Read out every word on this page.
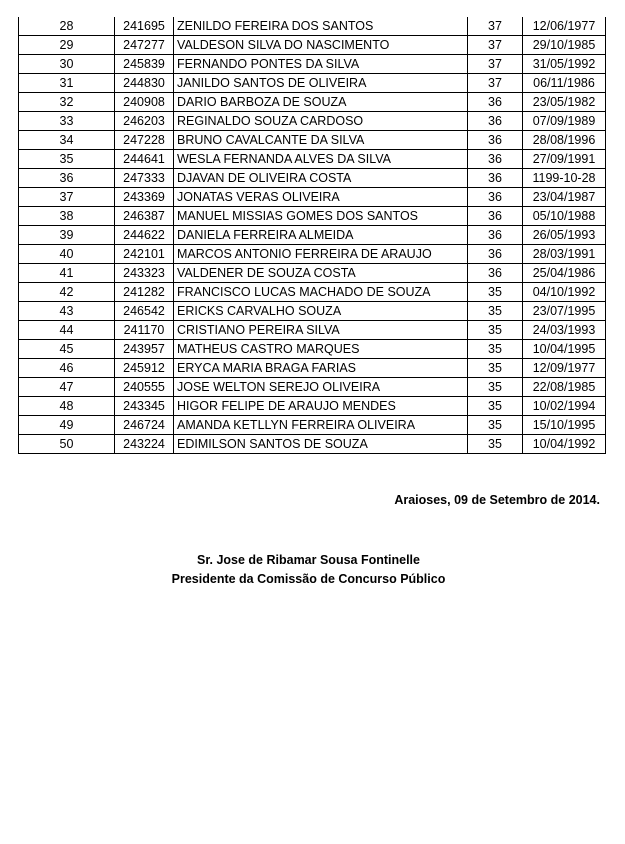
28	241695	ZENILDO FEREIRA DOS SANTOS	37	12/06/1977
29	247277	VALDESON SILVA DO NASCIMENTO	37	29/10/1985
30	245839	FERNANDO PONTES DA SILVA	37	31/05/1992
31	244830	JANILDO SANTOS DE OLIVEIRA	37	06/11/1986
32	240908	DARIO BARBOZA DE SOUZA	36	23/05/1982
33	246203	REGINALDO SOUZA CARDOSO	36	07/09/1989
34	247228	BRUNO CAVALCANTE DA SILVA	36	28/08/1996
35	244641	WESLA FERNANDA ALVES DA SILVA	36	27/09/1991
36	247333	DJAVAN DE OLIVEIRA COSTA	36	1199-10-28
37	243369	JONATAS VERAS OLIVEIRA	36	23/04/1987
38	246387	MANUEL MISSIAS GOMES DOS SANTOS	36	05/10/1988
39	244622	DANIELA FERREIRA ALMEIDA	36	26/05/1993
40	242101	MARCOS ANTONIO FERREIRA DE ARAUJO	36	28/03/1991
41	243323	VALDENER DE SOUZA COSTA	36	25/04/1986
42	241282	FRANCISCO LUCAS MACHADO DE SOUZA	35	04/10/1992
43	246542	ERICKS CARVALHO SOUZA	35	23/07/1995
44	241170	CRISTIANO PEREIRA SILVA	35	24/03/1993
45	243957	MATHEUS CASTRO MARQUES	35	10/04/1995
46	245912	ERYCA MARIA BRAGA FARIAS	35	12/09/1977
47	240555	JOSE WELTON SEREJO OLIVEIRA	35	22/08/1985
48	243345	HIGOR FELIPE DE ARAUJO MENDES	35	10/02/1994
49	246724	AMANDA KETLLYN FERREIRA OLIVEIRA	35	15/10/1995
50	243224	EDIMILSON SANTOS DE SOUZA	35	10/04/1992

Araioses, 09 de Setembro de 2014.

Sr. Jose de Ribamar Sousa Fontinelle
Presidente da Comissão de Concurso Público
